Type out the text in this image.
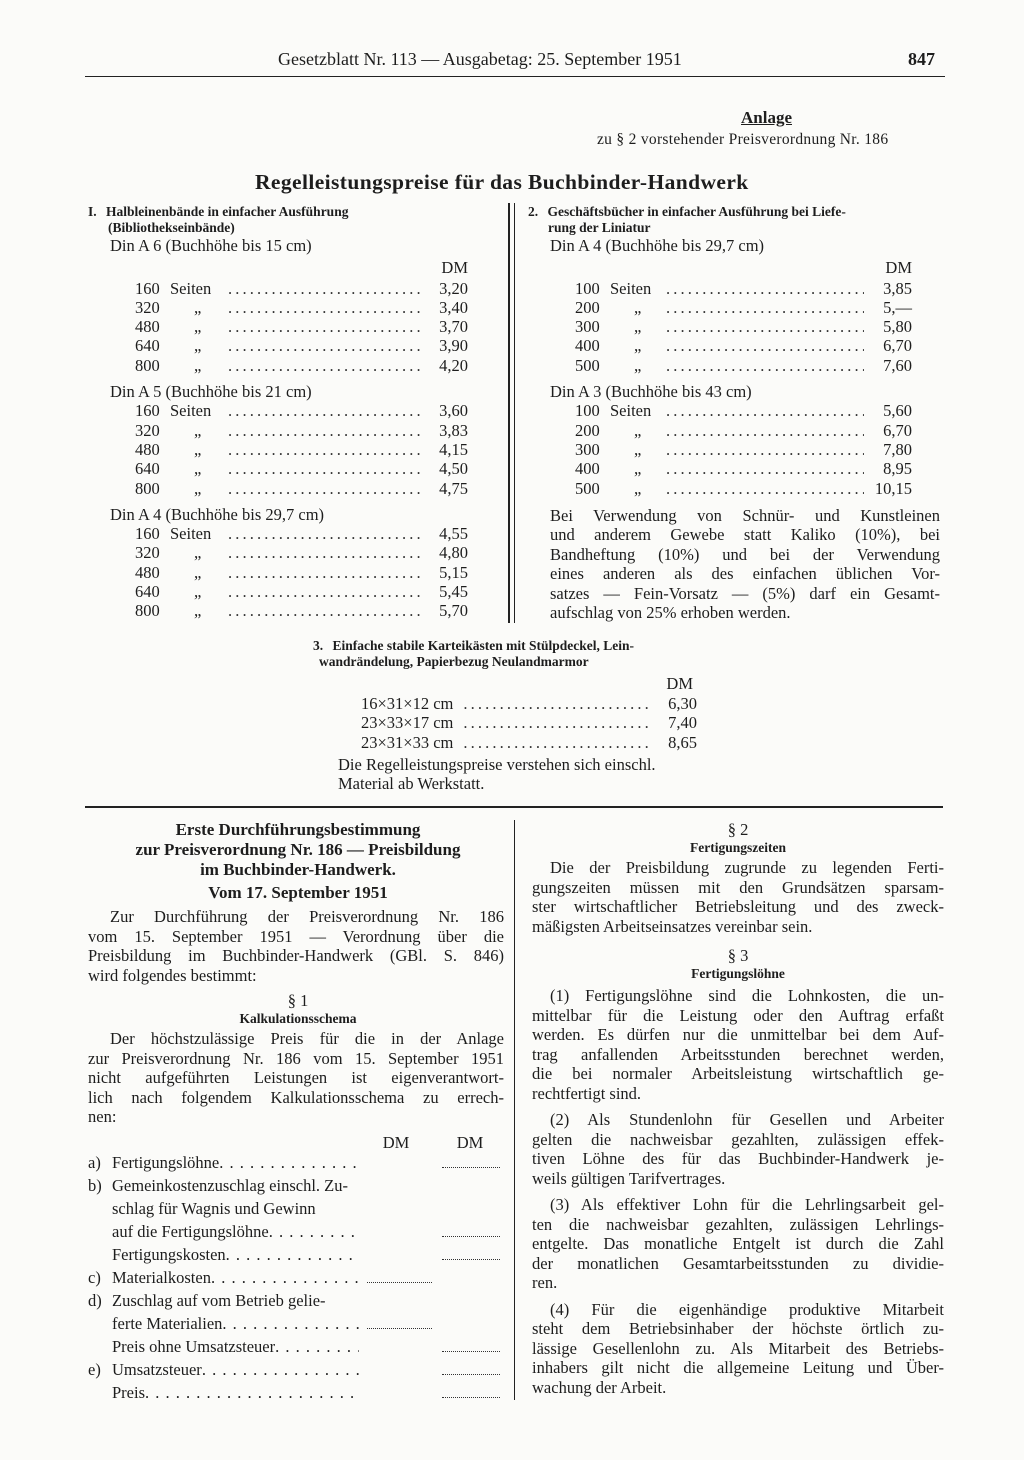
Gesetzblatt Nr. 113 — Ausgabetag: 25. September 1951	847
Anlage
zu § 2 vorstehender Preisverordnung Nr. 186
Regelleistungspreise für das Buchbinder-Handwerk
I. Halbleinenbände in einfacher Ausführung
(Bibliothekseinbände)
Din A 6 (Buchhöhe bis 15 cm)
DM
160 Seiten . . .	3,20
320	„ . . .	3,40
480	„ . . .	3,70
640	„ . . .	3,90
800	„ . . .	4,20
Din A 5 (Buchhöhe bis 21 cm)
160 Seiten . . .	3,60
320	„ . . .	3,83
480	„ . . .	4,15
640	„ . . .	4,50
800	„ . . .	4,75
Din A 4 (Buchhöhe bis 29,7 cm)
160 Seiten . . .	4,55
320	„ . . .	4,80
480	„ . . .	5,15
640	„ . . .	5,45
800	„ . . .	5,70
2. Geschäftsbücher in einfacher Ausführung bei Liefe-
rung der Liniatur
Din A 4 (Buchhöhe bis 29,7 cm)
DM
100 Seiten . . .	3,85
200	„ . . .	5,—
300	„ . . .	5,80
400	„ . . .	6,70
500	„ . . .	7,60
Din A 3 (Buchhöhe bis 43 cm)
100 Seiten . . .	5,60
200	„ . . .	6,70
300	„ . . .	7,80
400	„ . . .	8,95
500	„ . . .	10,15
Bei Verwendung von Schnür- und Kunstleinen
und anderem Gewebe statt Kaliko (10%), bei
Bandheftung (10%) und bei der Verwendung
eines anderen als des einfachen üblichen Vor-
satzes — Fein-Vorsatz — (5%) darf ein Gesamt-
aufschlag von 25% erhoben werden.
3. Einfache stabile Karteikästen mit Stülpdeckel, Lein-
wandrändelung, Papierbezug Neulandmarmor
DM
16×31×12 cm . . .	6,30
23×33×17 cm . . .	7,40
23×31×33 cm . . .	8,65
Die Regelleistungspreise verstehen sich einschl.
Material ab Werkstatt.
Erste Durchführungsbestimmung
zur Preisverordnung Nr. 186 — Preisbildung
im Buchbinder-Handwerk.
Vom 17. September 1951
Zur Durchführung der Preisverordnung Nr. 186
vom 15. September 1951 — Verordnung über die
Preisbildung im Buchbinder-Handwerk (GBl. S. 846)
wird folgendes bestimmt:
§ 1
Kalkulationsschema
Der höchstzulässige Preis für die in der Anlage
zur Preisverordnung Nr. 186 vom 15. September 1951
nicht aufgeführten Leistungen ist eigenverantwort-
lich nach folgendem Kalkulationsschema zu errech-
nen:
DM	DM
a) Fertigungslöhne
. . .
b) Gemeinkostenzuschlag einschl. Zu-
schlag für Wagnis und Gewinn
auf die Fertigungslöhne
. . .
Fertigungskosten
. . .
c) Materialkosten
. . .
d) Zuschlag auf vom Betrieb gelie-
ferte Materialien
. . .
Preis ohne Umsatzsteuer
. . .
e) Umsatzsteuer
. . .
Preis
. . .
§ 2
Fertigungszeiten
Die der Preisbildung zugrunde zu legenden Ferti-
gungszeiten müssen mit den Grundsätzen sparsam-
ster wirtschaftlicher Betriebsleitung und des zweck-
mäßigsten Arbeitseinsatzes vereinbar sein.
§ 3
Fertigungslöhne
(1) Fertigungslöhne sind die Lohnkosten, die un-
mittelbar für die Leistung oder den Auftrag erfaßt
werden. Es dürfen nur die unmittelbar bei dem Auf-
trag anfallenden Arbeitsstunden berechnet werden,
die bei normaler Arbeitsleistung wirtschaftlich ge-
rechtfertigt sind.
(2) Als Stundenlohn für Gesellen und Arbeiter
gelten die nachweisbar gezahlten, zulässigen effek-
tiven Löhne des für das Buchbinder-Handwerk je-
weils gültigen Tarifvertrages.
(3) Als effektiver Lohn für die Lehrlingsarbeit gel-
ten die nachweisbar gezahlten, zulässigen Lehrlings-
entgelte. Das monatliche Entgelt ist durch die Zahl
der monatlichen Gesamtarbeitsstunden zu dividie-
ren.
(4) Für die eigenhändige produktive Mitarbeit
steht dem Betriebsinhaber der höchste örtlich zu-
lässige Gesellenlohn zu. Als Mitarbeit des Betriebs-
inhabers gilt nicht die allgemeine Leitung und Über-
wachung der Arbeit.
